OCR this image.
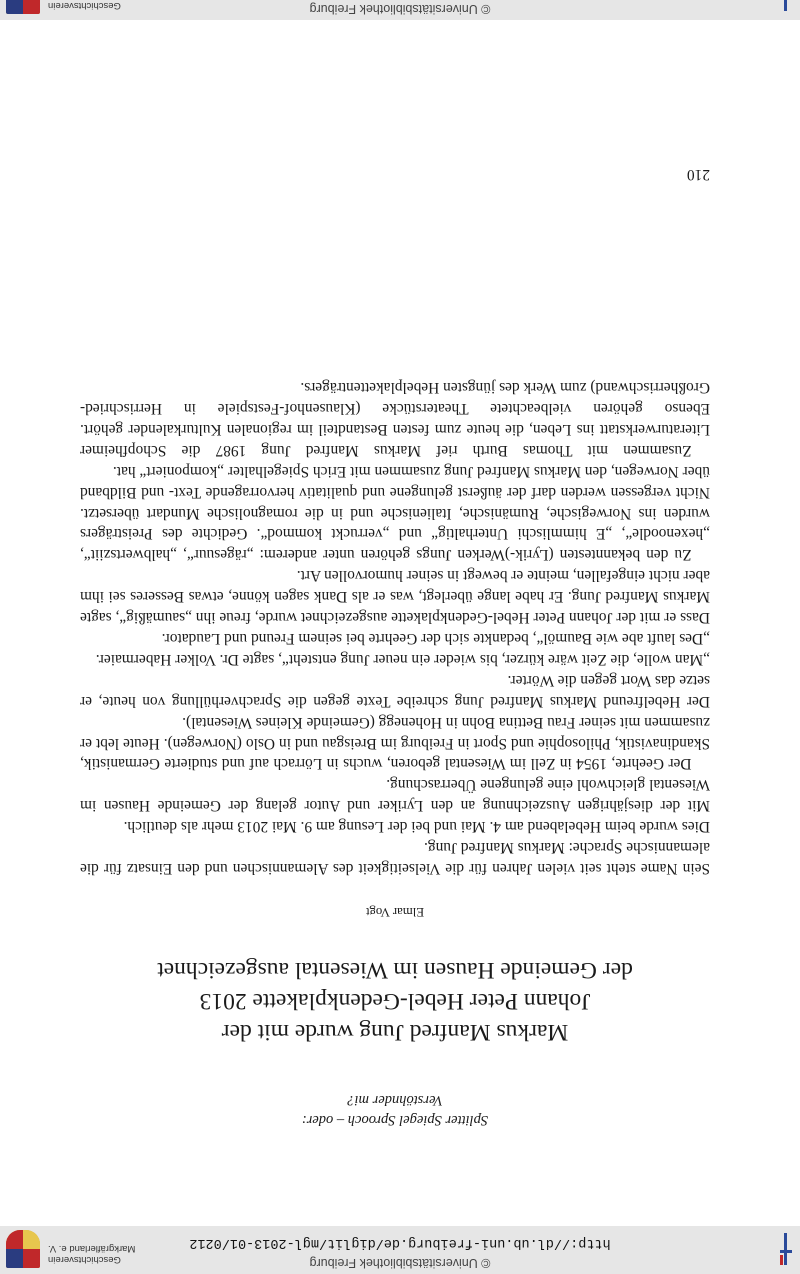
© Universitätsbibliothek Freiburg
http://dl.ub.uni-freiburg.de/diglit/mgl-2013-01/0212
Geschichtsverein
Markgräflerland e. V.
Splitter Spiegel Sprooch – oder:
Verstöhnder mi?
Markus Manfred Jung wurde mit der
Johann Peter Hebel-Gedenkplakette 2013
der Gemeinde Hausen im Wiesental ausgezeichnet
Elmar Vogt

Sein Name steht seit vielen Jahren für die Vielseitigkeit des Alemannischen und den Einsatz für die alemannische Sprache: Markus Manfred Jung.

Dies wurde beim Hebelabend am 4. Mai und bei der Lesung am 9. Mai 2013 mehr als deutlich.

Mit der diesjährigen Auszeichnung an den Lyriker und Autor gelang der Gemeinde Hausen im Wiesental gleichwohl eine gelungene Überraschung.

Der Geehrte, 1954 in Zell im Wiesental geboren, wuchs in Lörrach auf und studierte Germanistik, Skandinavistik, Philosophie und Sport in Freiburg im Breisgau und in Oslo (Norwegen). Heute lebt er zusammen mit seiner Frau Bettina Bohn in Hohenegg (Gemeinde Kleines Wiesental).

Der Hebelfreund Markus Manfred Jung schreibe Texte gegen die Sprachverhüllung von heute, er setze das Wort gegen die Wörter.

„Man wolle, die Zeit wäre kürzer, bis wieder ein neuer Jung entsteht“, sagte Dr. Volker Habermaier.

„Des lauft abe wie Baumöl“, bedankte sich der Geehrte bei seinem Freund und Laudator.

Dass er mit der Johann Peter Hebel-Gedenkplakette ausgezeichnet wurde, freue ihn „saumäßig“, sagte Markus Manfred Jung. Er habe lange überlegt, was er als Dank sagen könne, etwas Besseres sei ihm aber nicht eingefallen, meinte er bewegt in seiner humorvollen Art.

Zu den bekanntesten (Lyrik-)Werken Jungs gehören unter anderem: „rägesuur“, „halbwertsziit“, „hexenoodle“, „E himmlischi Unterhaltig“ und „verruckt kommod“. Gedichte des Preisträgers wurden ins Norwegische, Rumänische, Italienische und in die romagnolische Mundart übersetzt. Nicht vergessen werden darf der äußerst gelungene und qualitativ hervorragende Text- und Bildband über Norwegen, den Markus Manfred Jung zusammen mit Erich Spiegelhalter „komponiert“ hat.

Zusammen mit Thomas Burth rief Markus Manfred Jung 1987 die Schopfheimer Literaturwerkstatt ins Leben, die heute zum festen Bestandteil im regionalen Kulturkalender gehört. Ebenso gehören vielbeachtete Theaterstücke (Klausenhof-Festspiele in Herrischried-Großherrischwand) zum Werk des jüngsten Hebelplakettenträgers.

210
© Universitätsbibliothek Freiburg
Geschichtsverein
